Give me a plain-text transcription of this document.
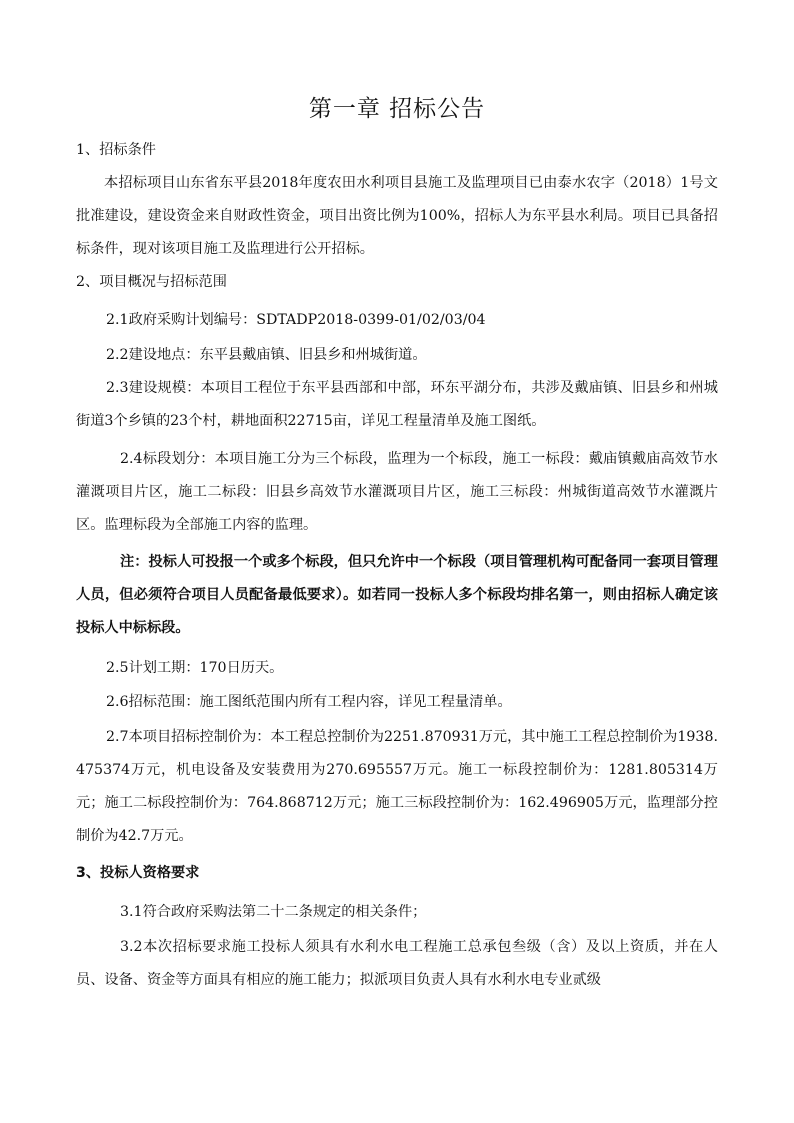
第一章 招标公告
1、招标条件
本招标项目山东省东平县2018年度农田水利项目县施工及监理项目已由泰水农字（2018）1号文批准建设，建设资金来自财政性资金，项目出资比例为100%，招标人为东平县水利局。项目已具备招标条件，现对该项目施工及监理进行公开招标。
2、项目概况与招标范围
2.1政府采购计划编号：SDTADP2018-0399-01/02/03/04
2.2建设地点：东平县戴庙镇、旧县乡和州城街道。
2.3建设规模：本项目工程位于东平县西部和中部，环东平湖分布，共涉及戴庙镇、旧县乡和州城街道3个乡镇的23个村，耕地面积22715亩，详见工程量清单及施工图纸。
2.4标段划分：本项目施工分为三个标段，监理为一个标段，施工一标段：戴庙镇戴庙高效节水灌溉项目片区，施工二标段：旧县乡高效节水灌溉项目片区，施工三标段：州城街道高效节水灌溉片区。监理标段为全部施工内容的监理。
注：投标人可投报一个或多个标段，但只允许中一个标段（项目管理机构可配备同一套项目管理人员，但必须符合项目人员配备最低要求）。如若同一投标人多个标段均排名第一，则由招标人确定该投标人中标标段。
2.5计划工期：170日历天。
2.6招标范围：施工图纸范围内所有工程内容，详见工程量清单。
2.7本项目招标控制价为：本工程总控制价为2251.870931万元，其中施工工程总控制价为1938.475374万元，机电设备及安装费用为270.695557万元。施工一标段控制价为：1281.805314万元；施工二标段控制价为：764.868712万元；施工三标段控制价为：162.496905万元，监理部分控制价为42.7万元。
3、投标人资格要求
3.1符合政府采购法第二十二条规定的相关条件；
3.2本次招标要求施工投标人须具有水利水电工程施工总承包叁级（含）及以上资质，并在人员、设备、资金等方面具有相应的施工能力；拟派项目负责人具有水利水电专业贰级
